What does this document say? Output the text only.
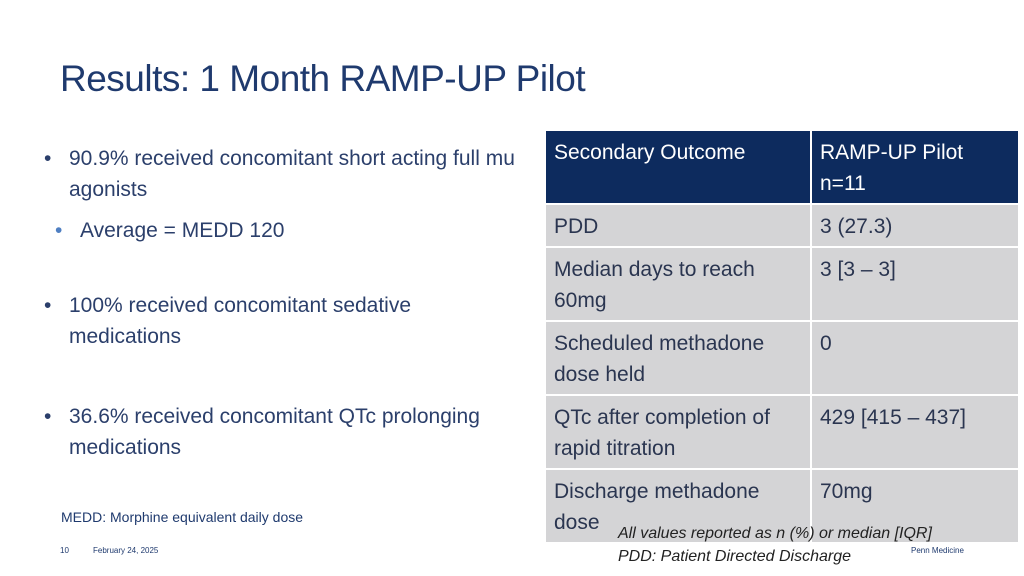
Results: 1 Month RAMP-UP Pilot
• 90.9% received concomitant short acting full mu agonists
• Average = MEDD 120
• 100% received concomitant sedative medications
• 36.6% received concomitant QTc prolonging medications
Secondary Outcome	RAMP-UP Pilot n=11
PDD	3 (27.3)
Median days to reach 60mg	3 [3 – 3]
Scheduled methadone dose held	0
QTc after completion of rapid titration	429 [415 – 437]
Discharge methadone dose	70mg
MEDD: Morphine equivalent daily dose
All values reported as n (%) or median [IQR]
PDD: Patient Directed Discharge
10	February 24, 2025	Penn Medicine
